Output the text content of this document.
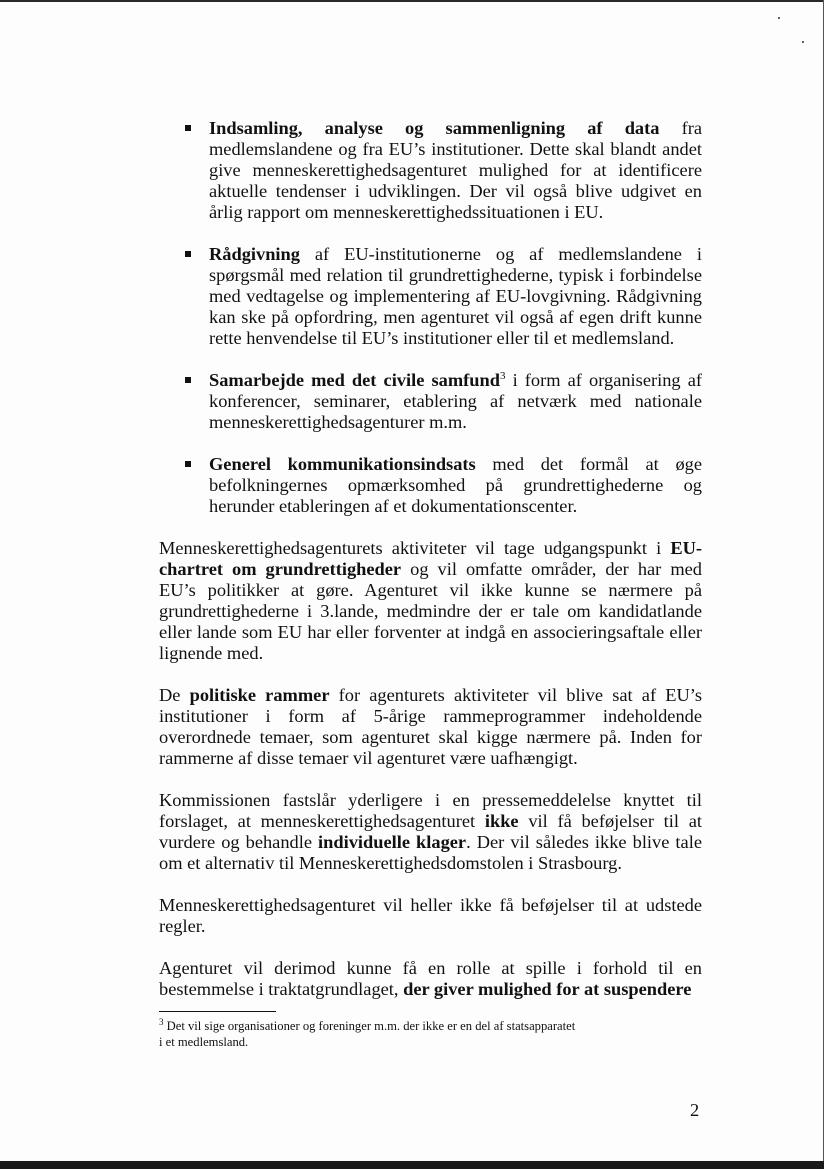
Indsamling, analyse og sammenligning af data fra medlemslandene og fra EU’s institutioner. Dette skal blandt andet give menneskerettighedsagenturet mulighed for at identificere aktuelle tendenser i udviklingen. Der vil også blive udgivet en årlig rapport om menneskerettighedssituationen i EU.
Rådgivning af EU-institutionerne og af medlemslandene i spørgsmål med relation til grundrettighederne, typisk i forbindelse med vedtagelse og implementering af EU-lovgivning. Rådgivning kan ske på opfordring, men agenturet vil også af egen drift kunne rette henvendelse til EU’s institutioner eller til et medlemsland.
Samarbejde med det civile samfund$^3$ i form af organisering af konferencer, seminarer, etablering af netværk med nationale menneskerettighedsagenturer m.m.
Generel kommunikationsindsats med det formål at øge befolkningernes opmærksomhed på grundrettighederne og herunder etableringen af et dokumentationscenter.

Menneskerettighedsagenturets aktiviteter vil tage udgangspunkt i EU-chartret om grundrettigheder og vil omfatte områder, der har med EU’s politikker at gøre. Agenturet vil ikke kunne se nærmere på grundrettighederne i 3.lande, medmindre der er tale om kandidatlande eller lande som EU har eller forventer at indgå en associeringsaftale eller lignende med.

De politiske rammer for agenturets aktiviteter vil blive sat af EU’s institutioner i form af 5-årige rammeprogrammer indeholdende overordnede temaer, som agenturet skal kigge nærmere på. Inden for rammerne af disse temaer vil agenturet være uafhængigt.

Kommissionen fastslår yderligere i en pressemeddelelse knyttet til forslaget, at menneskerettighedsagenturet ikke vil få beføjelser til at vurdere og behandle individuelle klager. Der vil således ikke blive tale om et alternativ til Menneskerettighedsdomstolen i Strasbourg.

Menneskerettighedsagenturet vil heller ikke få beføjelser til at udstede regler.

Agenturet vil derimod kunne få en rolle at spille i forhold til en bestemmelse i traktatgrundlaget, der giver mulighed for at suspendere

$^3$ Det vil sige organisationer og foreninger m.m. der ikke er en del af statsapparatet i et medlemsland.
2
